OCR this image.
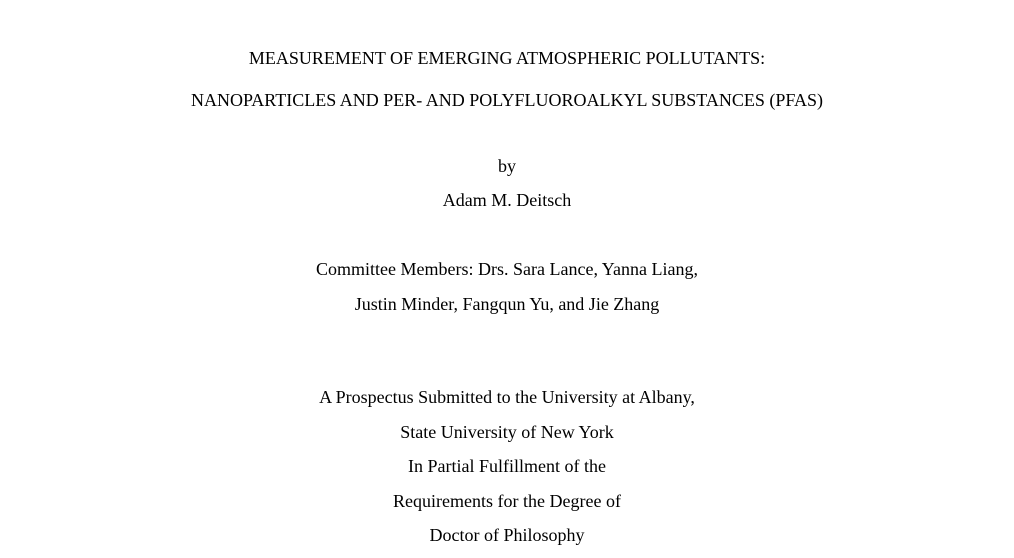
MEASUREMENT OF EMERGING ATMOSPHERIC POLLUTANTS:
NANOPARTICLES AND PER- AND POLYFLUOROALKYL SUBSTANCES (PFAS)
by
Adam M. Deitsch
Committee Members: Drs. Sara Lance, Yanna Liang,
Justin Minder, Fangqun Yu, and Jie Zhang
A Prospectus Submitted to the University at Albany,
State University of New York
In Partial Fulfillment of the
Requirements for the Degree of
Doctor of Philosophy
